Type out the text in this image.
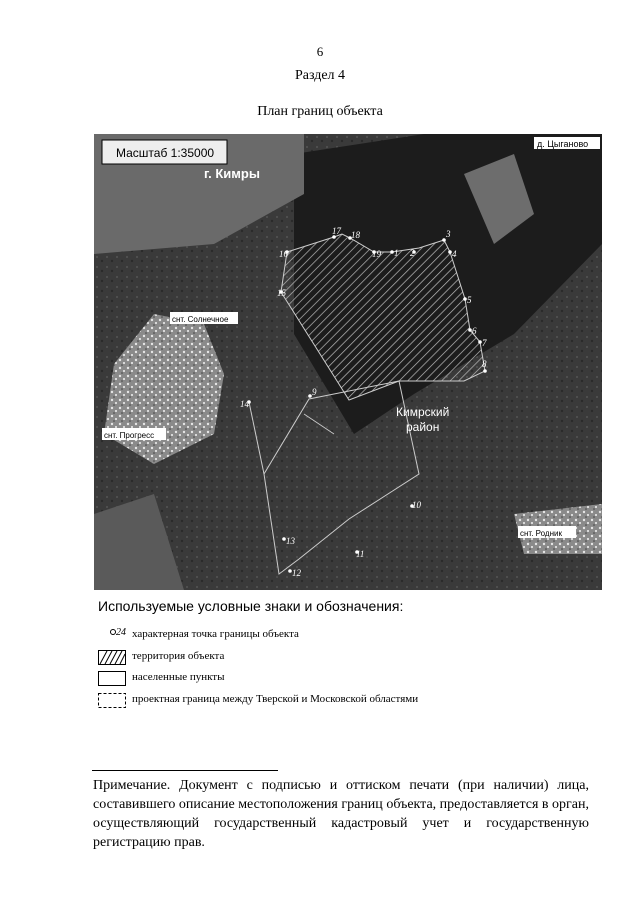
6
Раздел 4
План границ объекта
Масштаб 1:35000
г. Кимры
д. Цыганово
снт. Солнечное
снт. Прогресс
снт. Родник
Кимрский
район
1 2
3
4
5
6
7
8
9
10
11
12
13
14
15
16
17 18
19
Используемые условные знаки и обозначения:
24 характерная точка границы объекта
территория объекта
населенные пункты
проектная граница между Тверской и Московской областями
Примечание. Документ с подписью и оттиском печати (при наличии) лица, составившего описание местоположения границ объекта, предоставляется в орган, осуществляющий государственный кадастровый учет и государственную регистрацию прав.
